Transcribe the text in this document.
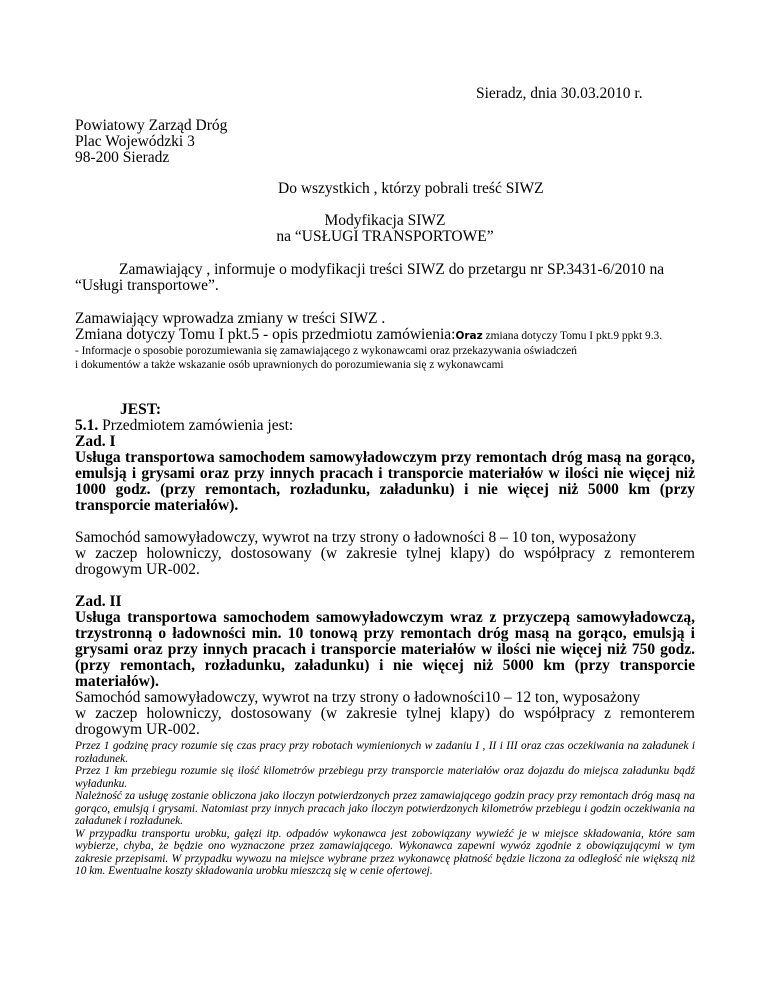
Sieradz, dnia 30.03.2010 r.
Powiatowy Zarząd Dróg
Plac Wojewódzki 3
98-200 Sieradz
Do wszystkich , którzy pobrali treść SIWZ
Modyfikacja SIWZ
na “USŁUGI TRANSPORTOWE”
Zamawiający , informuje o modyfikacji treści SIWZ do przetargu nr SP.3431-6/2010 na
“Usługi transportowe”.
Zamawiający wprowadza zmiany w treści SIWZ .
Zmiana dotyczy Tomu I pkt.5 - opis przedmiotu zamówienia:Oraz zmiana dotyczy Tomu I pkt.9 ppkt 9.3.
- Informacje o sposobie porozumiewania się zamawiającego z wykonawcami oraz przekazywania oświadczeń
i dokumentów a także wskazanie osób uprawnionych do porozumiewania się z wykonawcami
JEST:
5.1. Przedmiotem zamówienia jest:
Zad. I
Usługa transportowa samochodem samowyładowczym przy remontach dróg masą na gorąco,
emulsją i grysami oraz przy innych pracach i transporcie materiałów w ilości nie więcej niż
1000 godz. (przy remontach, rozładunku, załadunku) i nie więcej niż 5000 km (przy
transporcie materiałów).
Samochód samowyładowczy, wywrot na trzy strony o ładowności 8 – 10 ton, wyposażony
w zaczep holowniczy, dostosowany (w zakresie tylnej klapy) do współpracy z remonterem
drogowym UR-002.
Zad. II
Usługa transportowa samochodem samowyładowczym wraz z przyczepą samowyładowczą,
trzystronną o ładowności min. 10 tonową przy remontach dróg masą na gorąco, emulsją i
grysami oraz przy innych pracach i transporcie materiałów w ilości nie więcej niż 750 godz.
(przy remontach, rozładunku, załadunku) i nie więcej niż 5000 km (przy transporcie
materiałów).
Samochód samowyładowczy, wywrot na trzy strony o ładowności10 – 12 ton, wyposażony
w zaczep holowniczy, dostosowany (w zakresie tylnej klapy) do współpracy z remonterem
drogowym UR-002.

Przez 1 godzinę pracy rozumie się czas pracy przy robotach wymienionych w zadaniu I , II i III oraz czas oczekiwania na załadunek i rozładunek.

Przez 1 km przebiegu rozumie się ilość kilometrów przebiegu przy transporcie materiałów oraz dojazdu do miejsca załadunku bądź wyładunku.

Należność za usługę zostanie obliczona jako iloczyn potwierdzonych przez zamawiającego godzin pracy przy remontach dróg masą na gorąco, emulsją i grysami. Natomiast przy innych pracach jako iloczyn potwierdzonych kilometrów przebiegu i godzin oczekiwania na załadunek i rozładunek.

W przypadku transportu urobku, gałęzi itp. odpadów wykonawca jest zobowiązany wywieźć je w miejsce składowania, które sam wybierze, chyba, że będzie ono wyznaczone przez zamawiającego. Wykonawca zapewni wywóz zgodnie z obowiązującymi w tym zakresie przepisami. W przypadku wywozu na miejsce wybrane przez wykonawcę płatność będzie liczona za odległość nie większą niż 10 km. Ewentualne koszty składowania urobku mieszczą się w cenie ofertowej.
